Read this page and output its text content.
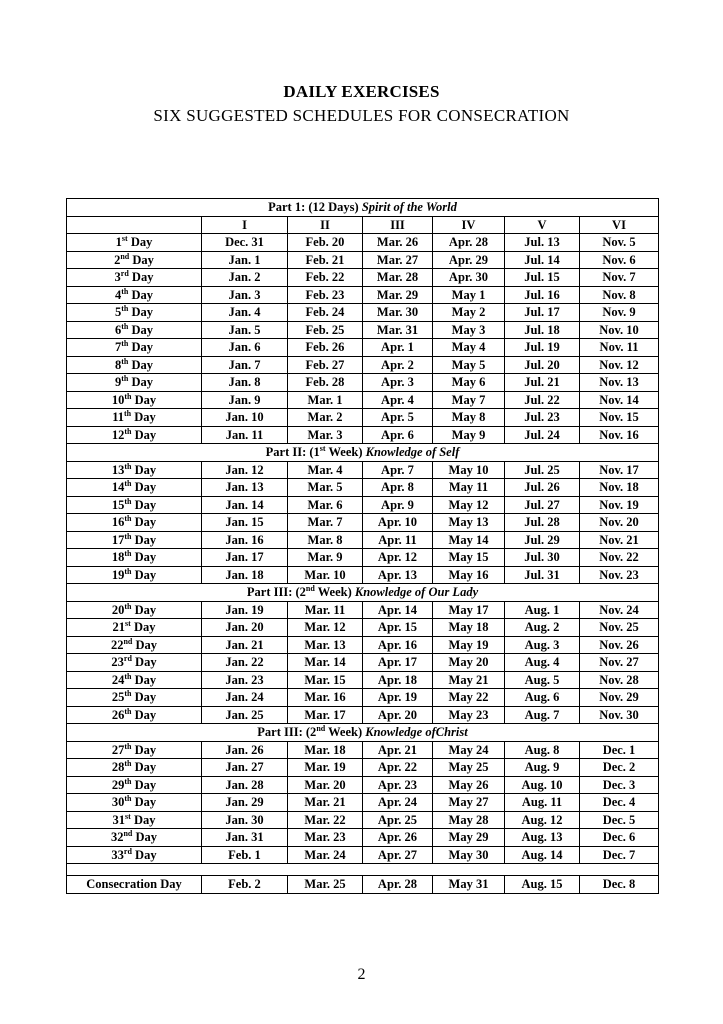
DAILY EXERCISES
SIX SUGGESTED SCHEDULES FOR CONSECRATION
Part 1: (12 Days) Spirit of the World						
	I	II	III	IV	V	VI
1st Day	Dec. 31	Feb. 20	Mar. 26	Apr. 28	Jul. 13	Nov. 5
2nd Day	Jan. 1	Feb. 21	Mar. 27	Apr. 29	Jul. 14	Nov. 6
3rd Day	Jan. 2	Feb. 22	Mar. 28	Apr. 30	Jul. 15	Nov. 7
4th Day	Jan. 3	Feb. 23	Mar. 29	May 1	Jul. 16	Nov. 8
5th Day	Jan. 4	Feb. 24	Mar. 30	May 2	Jul. 17	Nov. 9
6th Day	Jan. 5	Feb. 25	Mar. 31	May 3	Jul. 18	Nov. 10
7th Day	Jan. 6	Feb. 26	Apr. 1	May 4	Jul. 19	Nov. 11
8th Day	Jan. 7	Feb. 27	Apr. 2	May 5	Jul. 20	Nov. 12
9th Day	Jan. 8	Feb. 28	Apr. 3	May 6	Jul. 21	Nov. 13
10th Day	Jan. 9	Mar. 1	Apr. 4	May 7	Jul. 22	Nov. 14
11th Day	Jan. 10	Mar. 2	Apr. 5	May 8	Jul. 23	Nov. 15
12th Day	Jan. 11	Mar. 3	Apr. 6	May 9	Jul. 24	Nov. 16
Part II: (1st Week) Knowledge of Self						
13th Day	Jan. 12	Mar. 4	Apr. 7	May 10	Jul. 25	Nov. 17
14th Day	Jan. 13	Mar. 5	Apr. 8	May 11	Jul. 26	Nov. 18
15th Day	Jan. 14	Mar. 6	Apr. 9	May 12	Jul. 27	Nov. 19
16th Day	Jan. 15	Mar. 7	Apr. 10	May 13	Jul. 28	Nov. 20
17th Day	Jan. 16	Mar. 8	Apr. 11	May 14	Jul. 29	Nov. 21
18th Day	Jan. 17	Mar. 9	Apr. 12	May 15	Jul. 30	Nov. 22
19th Day	Jan. 18	Mar. 10	Apr. 13	May 16	Jul. 31	Nov. 23
Part III: (2nd Week) Knowledge of Our Lady						
20th Day	Jan. 19	Mar. 11	Apr. 14	May 17	Aug. 1	Nov. 24
21st Day	Jan. 20	Mar. 12	Apr. 15	May 18	Aug. 2	Nov. 25
22nd Day	Jan. 21	Mar. 13	Apr. 16	May 19	Aug. 3	Nov. 26
23rd Day	Jan. 22	Mar. 14	Apr. 17	May 20	Aug. 4	Nov. 27
24th Day	Jan. 23	Mar. 15	Apr. 18	May 21	Aug. 5	Nov. 28
25th Day	Jan. 24	Mar. 16	Apr. 19	May 22	Aug. 6	Nov. 29
26th Day	Jan. 25	Mar. 17	Apr. 20	May 23	Aug. 7	Nov. 30
Part III: (2nd Week) Knowledge ofChrist						
27th Day	Jan. 26	Mar. 18	Apr. 21	May 24	Aug. 8	Dec. 1
28th Day	Jan. 27	Mar. 19	Apr. 22	May 25	Aug. 9	Dec. 2
29th Day	Jan. 28	Mar. 20	Apr. 23	May 26	Aug. 10	Dec. 3
30th Day	Jan. 29	Mar. 21	Apr. 24	May 27	Aug. 11	Dec. 4
31st Day	Jan. 30	Mar. 22	Apr. 25	May 28	Aug. 12	Dec. 5
32nd Day	Jan. 31	Mar. 23	Apr. 26	May 29	Aug. 13	Dec. 6
33rd Day	Feb. 1	Mar. 24	Apr. 27	May 30	Aug. 14	Dec. 7

Consecration Day	Feb. 2	Mar. 25	Apr. 28	May 31	Aug. 15	Dec. 8
2
